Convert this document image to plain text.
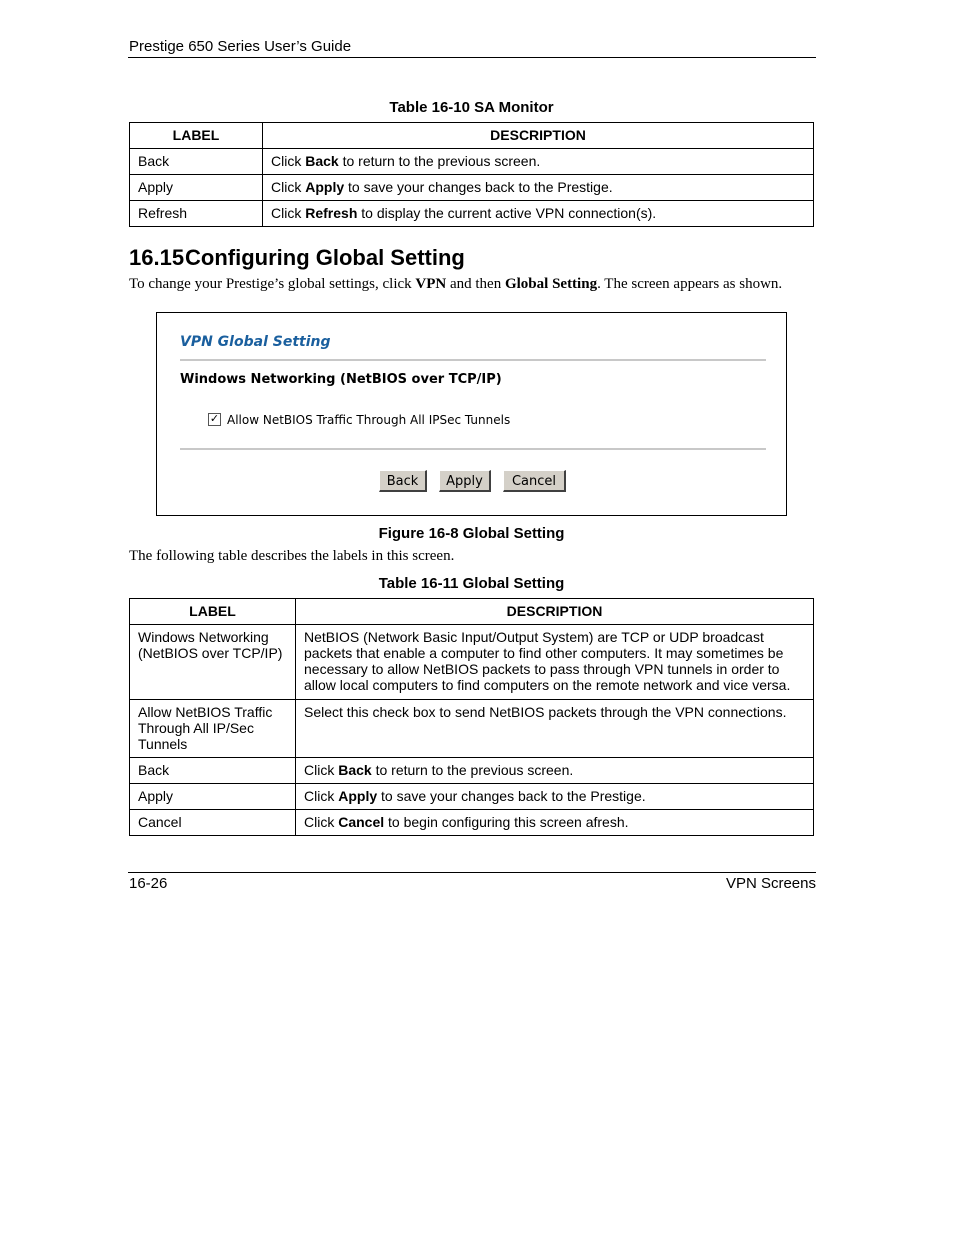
Prestige 650 Series User’s Guide
Table 16-10 SA Monitor
LABEL	DESCRIPTION
Back	Click Back to return to the previous screen.
Apply	Click Apply to save your changes back to the Prestige.
Refresh	Click Refresh to display the current active VPN connection(s).
16.15Configuring Global Setting
To change your Prestige’s global settings, click VPN and then Global Setting. The screen appears as shown.
VPN Global Setting
Windows Networking (NetBIOS over TCP/IP)
✓ Allow NetBIOS Traffic Through All IPSec Tunnels
Back	Apply	Cancel
Figure 16-8 Global Setting
The following table describes the labels in this screen.
Table 16-11 Global Setting
LABEL	DESCRIPTION
Windows Networking (NetBIOS over TCP/IP)	NetBIOS (Network Basic Input/Output System) are TCP or UDP broadcast packets that enable a computer to find other computers. It may sometimes be necessary to allow NetBIOS packets to pass through VPN tunnels in order to allow local computers to find computers on the remote network and vice versa.
Allow NetBIOS Traffic Through All IP/Sec Tunnels	Select this check box to send NetBIOS packets through the VPN connections.
Back	Click Back to return to the previous screen.
Apply	Click Apply to save your changes back to the Prestige.
Cancel	Click Cancel to begin configuring this screen afresh.
16-26	VPN Screens
